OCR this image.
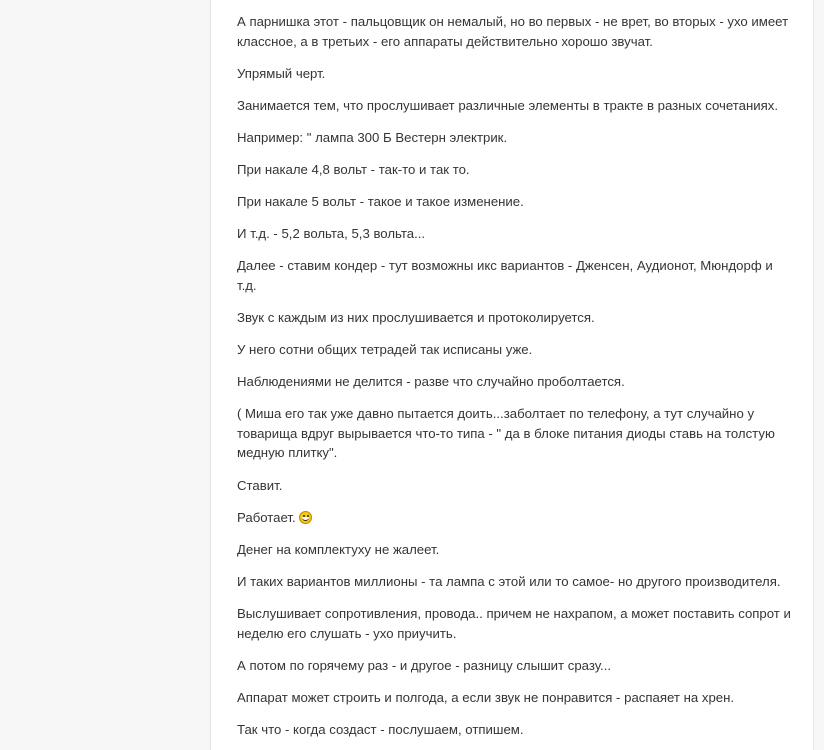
А парнишка этот - пальцовщик он немалый, но во первых - не врет, во вторых - ухо имеет классное, а в третьих - его аппараты действительно хорошо звучат.

Упрямый черт.

Занимается тем, что прослушивает различные элементы в тракте в разных сочетаниях.

Например: " лампа 300 Б Вестерн электрик.

При накале 4,8 вольт - так-то и так то.

При накале 5 вольт - такое и такое изменение.

И т.д. - 5,2 вольта, 5,3 вольта...

Далее - ставим кондер - тут возможны икс вариантов - Дженсен, Аудионот, Мюндорф и т.д.

Звук с каждым из них прослушивается и протоколируется.

У него сотни общих тетрадей так исписаны уже.

Наблюдениями не делится - разве что случайно проболтается.

( Миша его так уже давно пытается доить...заболтает по телефону, а тут случайно у товарища вдруг вырывается что-то типа - " да в блоке питания диоды ставь на толстую медную плитку".

Ставит.

Работает.

Денег на комплектуху не жалеет.

И таких вариантов миллионы - та лампа с этой или то самое- но другого производителя.

Выслушивает сопротивления, провода.. причем не нахрапом, а может поставить сопрот и неделю его слушать - ухо приучить.

А потом по горячему раз - и другое - разницу слышит сразу...

Аппарат может строить и полгода, а если звук не понравится - распаяет на хрен.

Так что - когда создаст - послушаем, отпишем.
